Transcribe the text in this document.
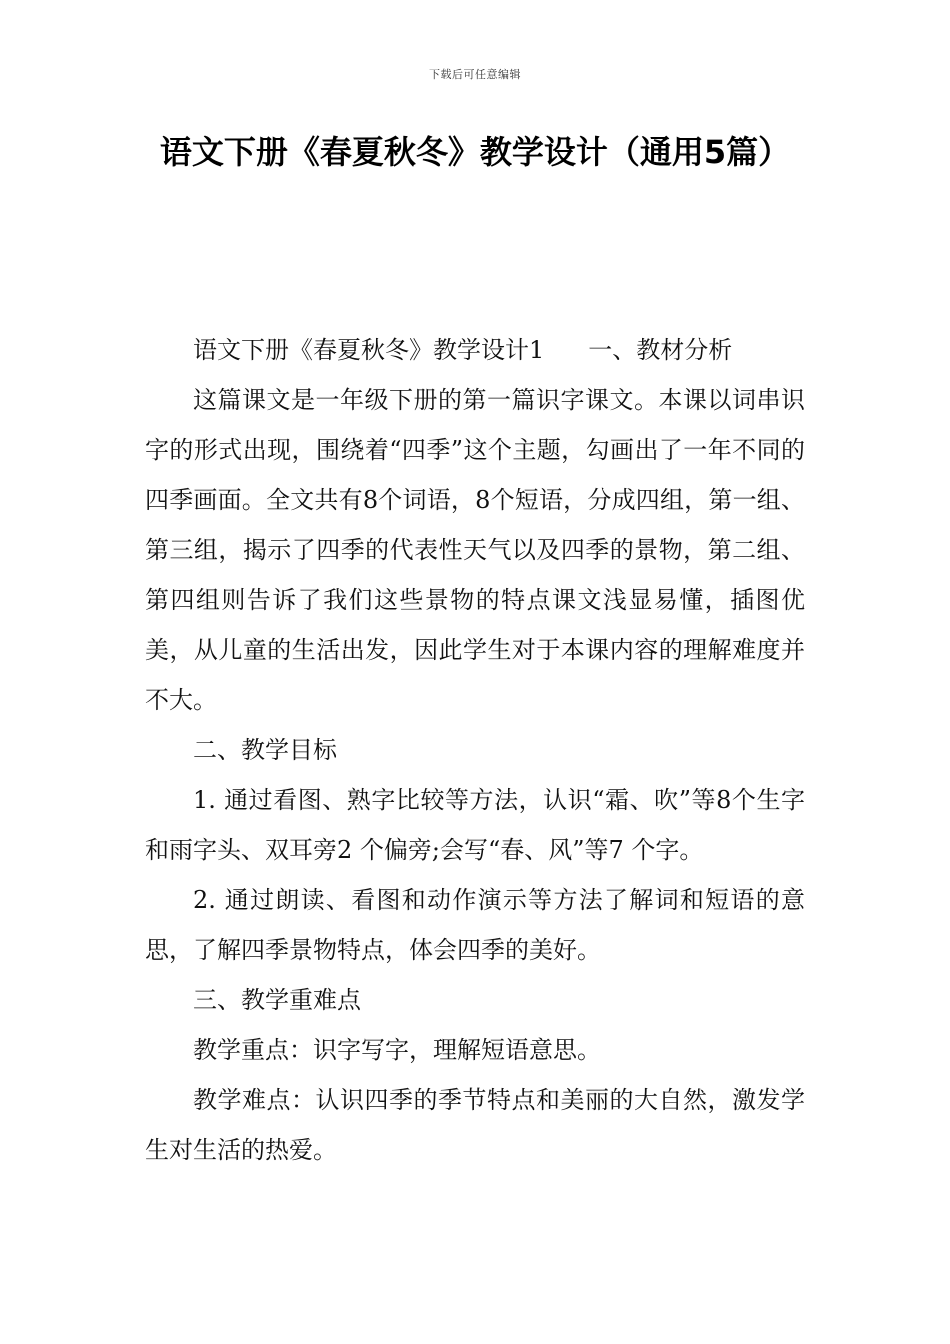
下载后可任意编辑
语文下册《春夏秋冬》教学设计（通用5篇）

语文下册《春夏秋冬》教学设计1 一、教材分析

这篇课文是一年级下册的第一篇识字课文。本课以词串识字的形式出现，围绕着“四季”这个主题，勾画出了一年不同的四季画面。全文共有8个词语，8个短语，分成四组，第一组、第三组，揭示了四季的代表性天气以及四季的景物，第二组、第四组则告诉了我们这些景物的特点课文浅显易懂，插图优美，从儿童的生活出发，因此学生对于本课内容的理解难度并不大。

二、教学目标

1. 通过看图、熟字比较等方法，认识“霜、吹”等8个生字和雨字头、双耳旁2 个偏旁;会写“春、风”等7 个字。

2. 通过朗读、看图和动作演示等方法了解词和短语的意思，了解四季景物特点，体会四季的美好。

三、教学重难点

教学重点：识字写字，理解短语意思。

教学难点：认识四季的季节特点和美丽的大自然，激发学生对生活的热爱。
